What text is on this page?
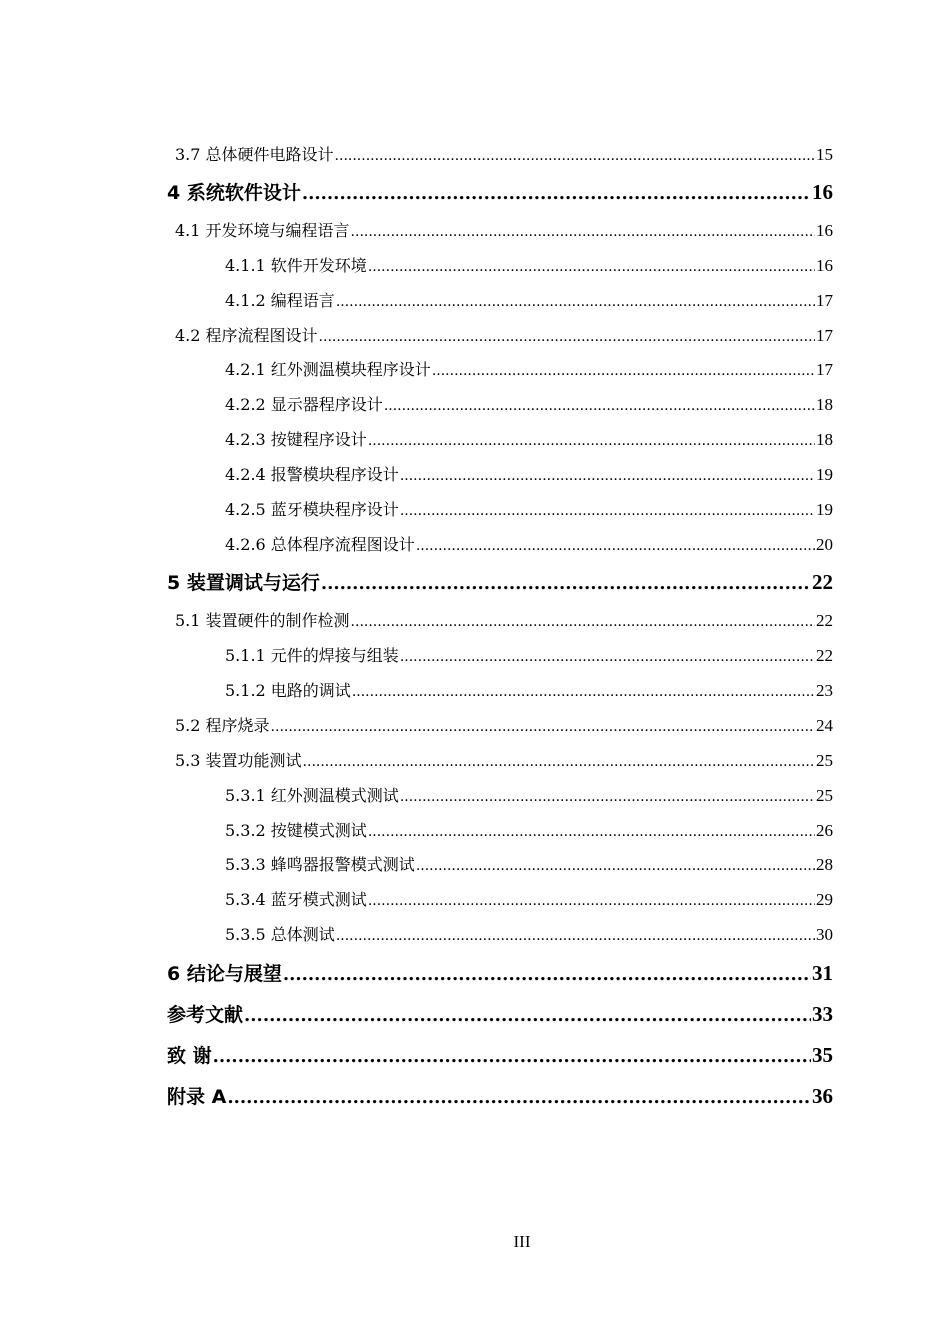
3.7 总体硬件电路设计 .....	15
4 系统软件设计 .....	16
4.1 开发环境与编程语言 .....	16
4.1.1 软件开发环境 .....	16
4.1.2 编程语言 .....	17
4.2 程序流程图设计 .....	17
4.2.1 红外测温模块程序设计 .....	17
4.2.2 显示器程序设计 .....	18
4.2.3 按键程序设计 .....	18
4.2.4 报警模块程序设计 .....	19
4.2.5 蓝牙模块程序设计 .....	19
4.2.6 总体程序流程图设计 .....	20
5 装置调试与运行 .....	22
5.1 装置硬件的制作检测 .....	22
5.1.1 元件的焊接与组装 .....	22
5.1.2 电路的调试 .....	23
5.2 程序烧录 .....	24
5.3 装置功能测试 .....	25
5.3.1 红外测温模式测试 .....	25
5.3.2 按键模式测试 .....	26
5.3.3 蜂鸣器报警模式测试 .....	28
5.3.4 蓝牙模式测试 .....	29
5.3.5 总体测试 .....	30
6 结论与展望 .....	31
参考文献 .....	33
致 谢 .....	35
附录 A .....	36
III
